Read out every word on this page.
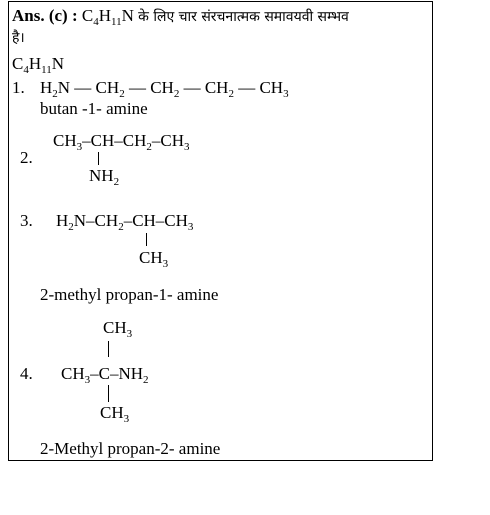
Ans. (c) : $C_4H_{11}N$ के लिए चार संरचनात्मक समावयवी सम्भव
है।
$C_4H_{11}N$
1. $H_2N$ — $CH_2$ — $CH_2$ — $CH_2$ — $CH_3$
butan -1- amine
2.
$CH_3-CH-CH_2-CH_3$
$NH_2$
3. $H_2N-CH_2-CH-CH_3$
$CH_3$
2-methyl propan-1- amine
$CH_3$
4. $CH_3-C-NH_2$
$CH_3$
2-Methyl propan-2- amine
